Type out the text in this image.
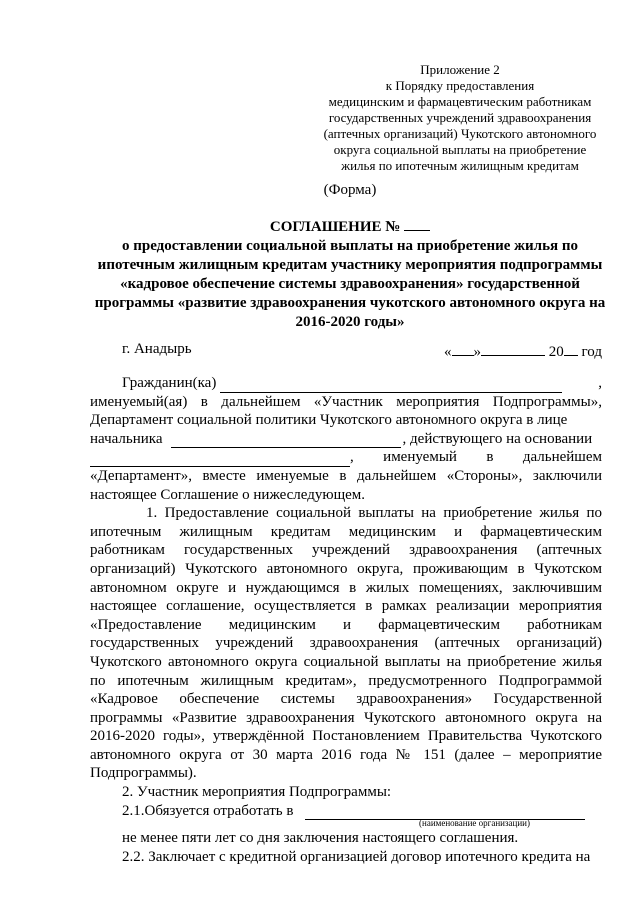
Приложение 2
к Порядку предоставления
медицинским и фармацевтическим работникам
государственных учреждений здравоохранения
(аптечных организаций) Чукотского автономного
округа социальной выплаты на приобретение
жилья по ипотечным жилищным кредитам
(Форма)
СОГЛАШЕНИЕ №
о предоставлении социальной выплаты на приобретение жилья по ипотечным жилищным кредитам участнику мероприятия подпрограммы «кадровое обеспечение системы здравоохранения» государственной программы «развитие здравоохранения чукотского автономного округа на 2016-2020 годы»
г. Анадырь	« »	20 год

Гражданин(ка)	,

именуемый(ая) в дальнейшем «Участник мероприятия Подпрограммы», Департамент социальной политики Чукотского автономного округа в лице

начальника	, действующего на основании

, именуемый в дальнейшем

«Департамент», вместе именуемые в дальнейшем «Стороны», заключили настоящее Соглашение о нижеследующем.

1. Предоставление социальной выплаты на приобретение жилья по ипотечным жилищным кредитам медицинским и фармацевтическим работникам государственных учреждений здравоохранения (аптечных организаций) Чукотского автономного округа, проживающим в Чукотском автономном округе и нуждающимся в жилых помещениях, заключившим настоящее соглашение, осуществляется в рамках реализации мероприятия «Предоставление медицинским и фармацевтическим работникам государственных учреждений здравоохранения (аптечных организаций) Чукотского автономного округа социальной выплаты на приобретение жилья по ипотечным жилищным кредитам», предусмотренного Подпрограммой «Кадровое обеспечение системы здравоохранения» Государственной программы «Развитие здравоохранения Чукотского автономного округа на 2016-2020 годы», утверждённой Постановлением Правительства Чукотского автономного округа от 30 марта 2016 года № 151 (далее – мероприятие Подпрограммы).

2. Участник мероприятия Подпрограммы:

2.1.Обязуется отработать в

(наименование организации)

не менее пяти лет со дня заключения настоящего соглашения.

2.2. Заключает с кредитной организацией договор ипотечного кредита на
